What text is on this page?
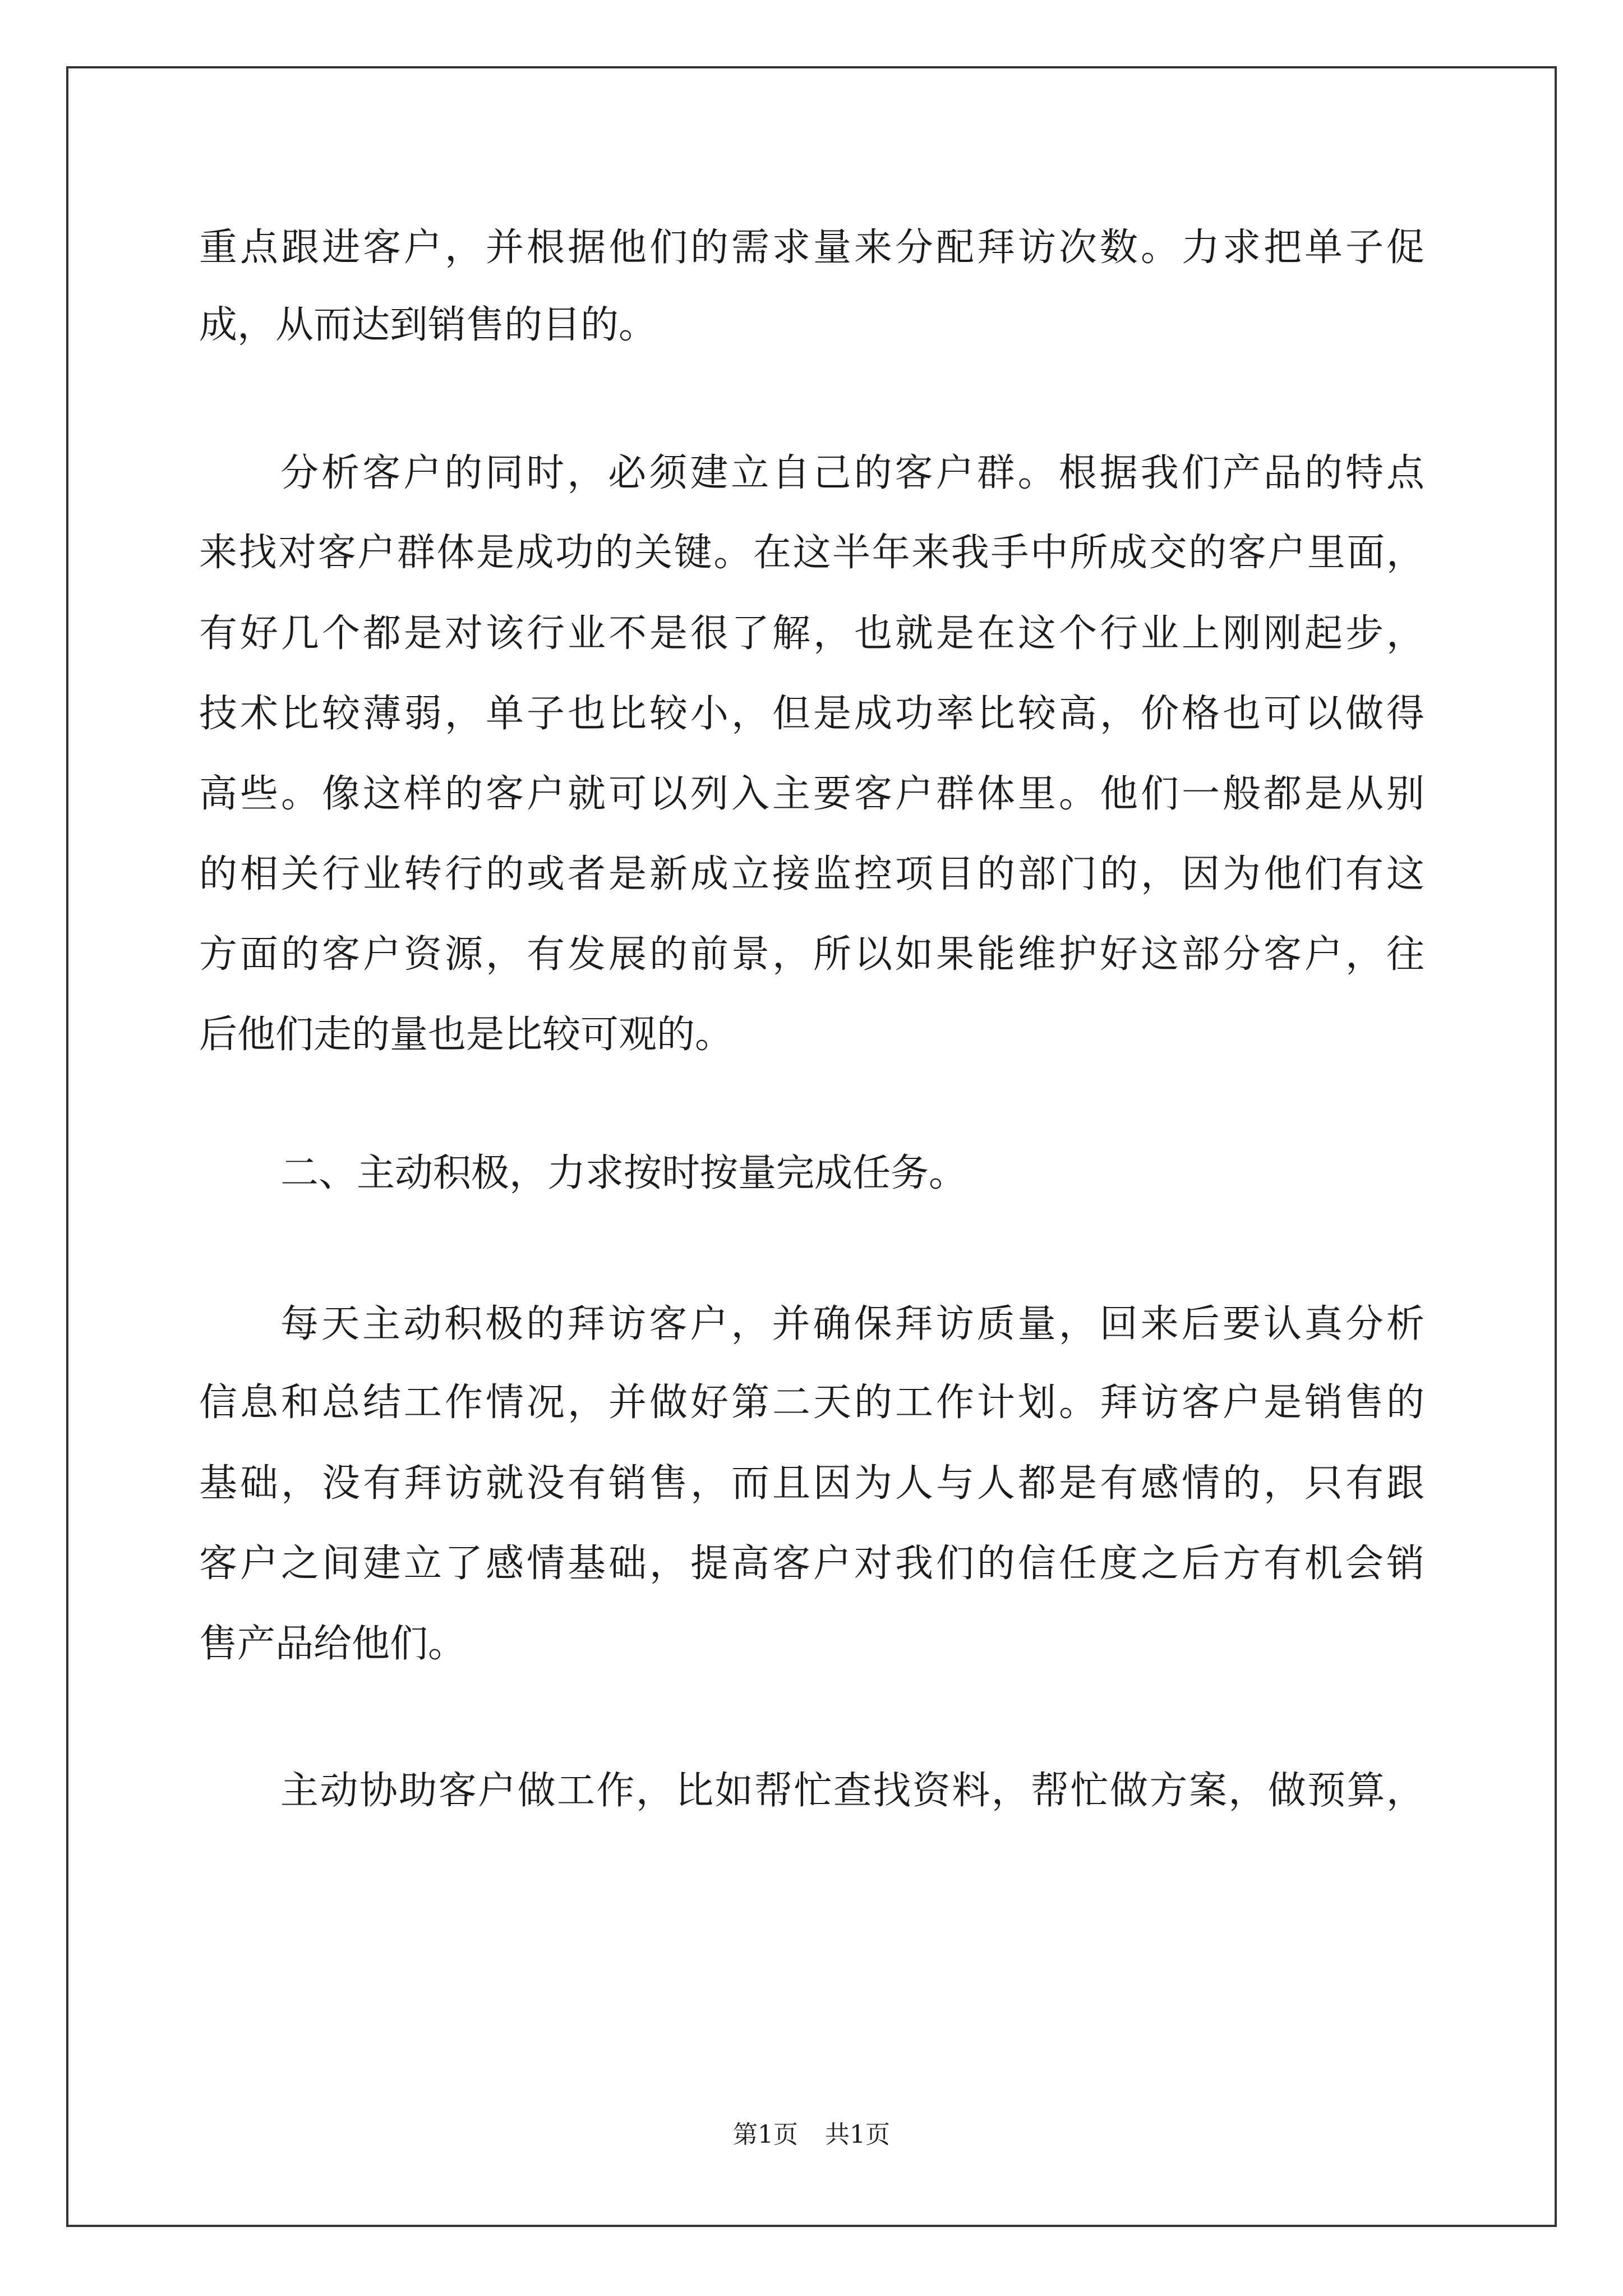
重点跟进客户，并根据他们的需求量来分配拜访次数。力求把单子促
成，从而达到销售的目的。
分析客户的同时，必须建立自己的客户群。根据我们产品的特点
来找对客户群体是成功的关键。在这半年来我手中所成交的客户里面，
有好几个都是对该行业不是很了解，也就是在这个行业上刚刚起步，
技术比较薄弱，单子也比较小，但是成功率比较高，价格也可以做得
高些。像这样的客户就可以列入主要客户群体里。他们一般都是从别
的相关行业转行的或者是新成立接监控项目的部门的，因为他们有这
方面的客户资源，有发展的前景，所以如果能维护好这部分客户，往
后他们走的量也是比较可观的。
二、主动积极，力求按时按量完成任务。
每天主动积极的拜访客户，并确保拜访质量，回来后要认真分析
信息和总结工作情况，并做好第二天的工作计划。拜访客户是销售的
基础，没有拜访就没有销售，而且因为人与人都是有感情的，只有跟
客户之间建立了感情基础，提高客户对我们的信任度之后方有机会销
售产品给他们。
主动协助客户做工作，比如帮忙查找资料，帮忙做方案，做预算，
第1页 共1页
